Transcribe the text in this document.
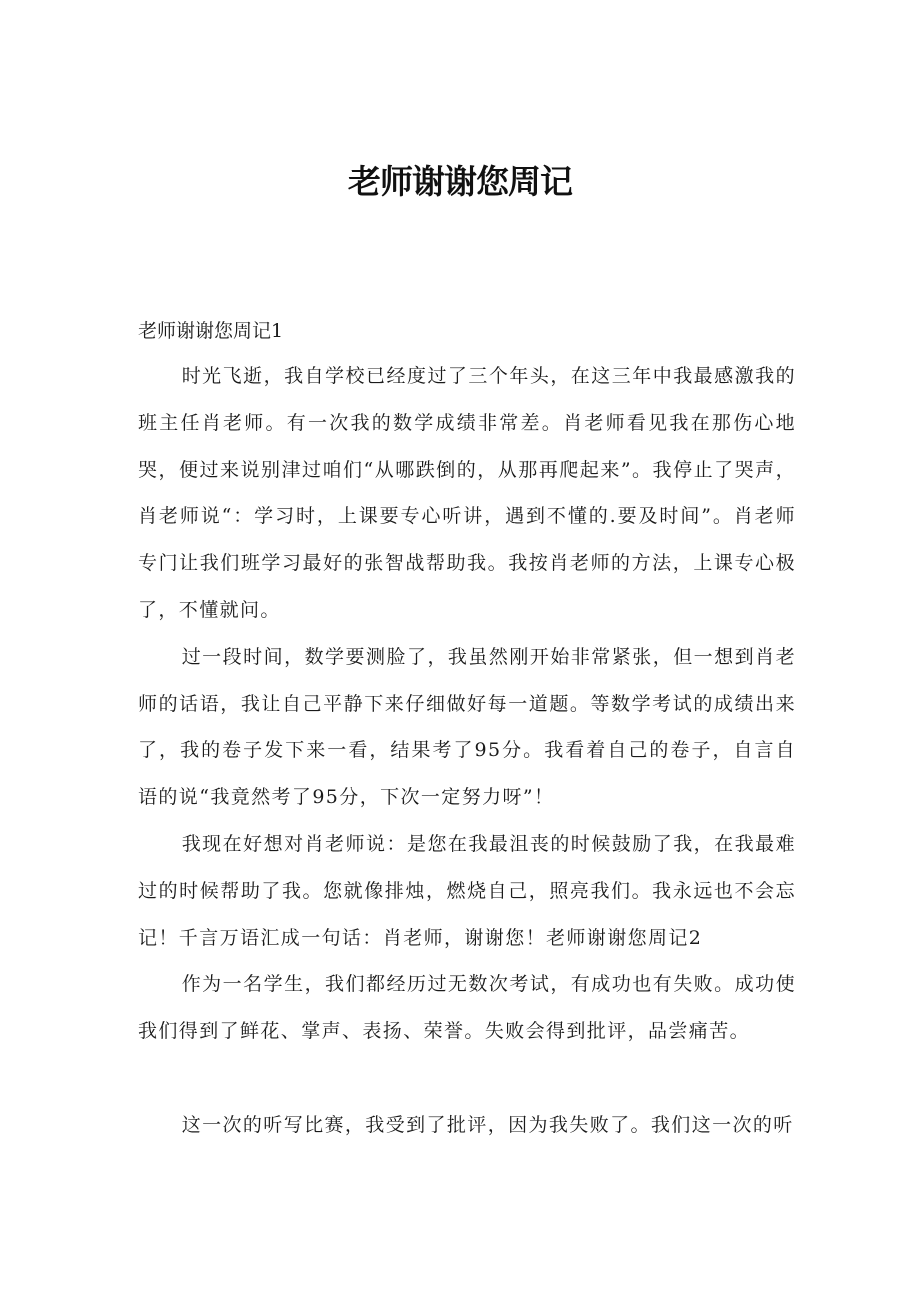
老师谢谢您周记

老师谢谢您周记1

时光飞逝，我自学校已经度过了三个年头，在这三年中我最感激我的班主任肖老师。有一次我的数学成绩非常差。肖老师看见我在那伤心地哭，便过来说别津过咱们“从哪跌倒的，从那再爬起来”。我停止了哭声，肖老师说“：学习时，上课要专心听讲，遇到不懂的.要及时间”。肖老师专门让我们班学习最好的张智战帮助我。我按肖老师的方法，上课专心极了，不懂就问。

过一段时间，数学要测脸了，我虽然刚开始非常紧张，但一想到肖老师的话语，我让自己平静下来仔细做好每一道题。等数学考试的成绩出来了，我的卷子发下来一看，结果考了95分。我看着自己的卷子，自言自语的说“我竟然考了95分，下次一定努力呀”！

我现在好想对肖老师说：是您在我最沮丧的时候鼓励了我，在我最难过的时候帮助了我。您就像排烛，燃烧自己，照亮我们。我永远也不会忘记！千言万语汇成一句话：肖老师，谢谢您！老师谢谢您周记2

作为一名学生，我们都经历过无数次考试，有成功也有失败。成功使我们得到了鲜花、掌声、表扬、荣誉。失败会得到批评，品尝痛苦。

这一次的听写比赛，我受到了批评，因为我失败了。我们这一次的听
